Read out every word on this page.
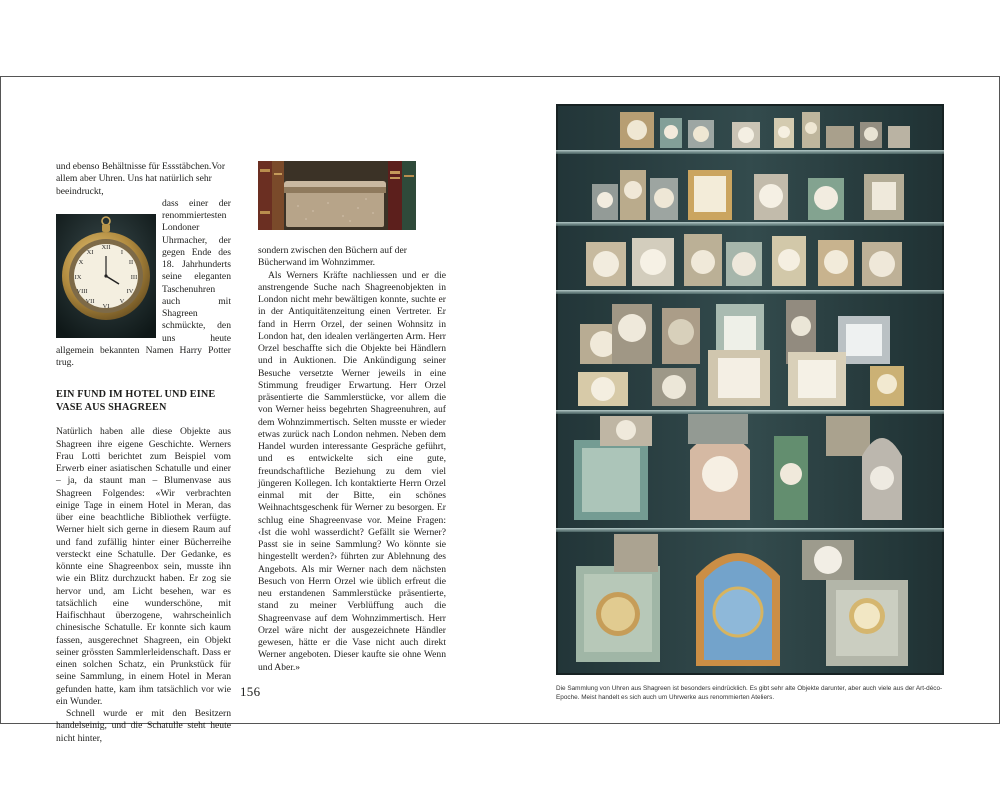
und ebenso Behältnisse für Essstäbchen.Vor allem aber Uhren. Uns hat natürlich sehr beeindruckt,

XII
I
II
III
IV
V
VI
VII
VIII
IX
X
XI

dass einer der renommiertesten Londoner Uhrmacher, der gegen Ende des 18. Jahrhunderts seine eleganten Taschenuhren auch mit Shagreen schmückte, den uns heute allgemein bekannten Namen Harry Potter trug.

EIN FUND IM HOTEL UND EINE VASE AUS SHAGREEN

Natürlich haben alle diese Objekte aus Shagreen ihre eigene Geschichte. Werners Frau Lotti berichtet zum Beispiel vom Erwerb einer asiatischen Schatulle und einer – ja, da staunt man – Blumenvase aus Shagreen Folgendes: «Wir verbrachten einige Tage in einem Hotel in Meran, das über eine beachtliche Bibliothek verfügte. Werner hielt sich gerne in diesem Raum auf und fand zufällig hinter einer Bücherreihe versteckt eine Schatulle. Der Gedanke, es könnte eine Shagreenbox sein, musste ihn wie ein Blitz durchzuckt haben. Er zog sie hervor und, am Licht besehen, war es tatsächlich eine wunderschöne, mit Haifischhaut überzogene, wahrscheinlich chinesische Schatulle. Er konnte sich kaum fassen, ausgerechnet Shagreen, ein Objekt seiner grössten Sammlerleidenschaft. Dass er einen solchen Schatz, ein Prunkstück für seine Sammlung, in einem Hotel in Meran gefunden hatte, kam ihm tatsächlich vor wie ein Wunder.

Schnell wurde er mit den Besitzern handelseinig, und die Schatulle steht heute nicht hinter,

sondern zwischen den Büchern auf der Bücherwand im Wohnzimmer.

Als Werners Kräfte nachliessen und er die anstrengende Suche nach Shagreenobjekten in London nicht mehr bewältigen konnte, suchte er in der Antiquitätenzeitung einen Vertreter. Er fand in Herrn Orzel, der seinen Wohnsitz in London hat, den idealen verlängerten Arm. Herr Orzel beschaffte sich die Objekte bei Händlern und in Auktionen. Die Ankündigung seiner Besuche versetzte Werner jeweils in eine Stimmung freudiger Erwartung. Herr Orzel präsentierte die Sammlerstücke, vor allem die von Werner heiss begehrten Shagreenuhren, auf dem Wohnzimmertisch. Selten musste er wieder etwas zurück nach London nehmen. Neben dem Handel wurden interessante Gespräche geführt, und es entwickelte sich eine gute, freundschaftliche Beziehung zu dem viel jüngeren Kollegen. Ich kontaktierte Herrn Orzel einmal mit der Bitte, ein schönes Weihnachtsgeschenk für Werner zu besorgen. Er schlug eine Shagreenvase vor. Meine Fragen: ‹Ist die wohl wasserdicht? Gefällt sie Werner? Passt sie in seine Sammlung? Wo könnte sie hingestellt werden?› führten zur Ablehnung des Angebots. Als mir Werner nach dem nächsten Besuch von Herrn Orzel wie üblich erfreut die neu erstandenen Sammlerstücke präsentierte, stand zu meiner Verblüffung auch die Shagreenvase auf dem Wohnzimmertisch. Herr Orzel wäre nicht der ausgezeichnete Händler gewesen, hätte er die Vase nicht auch direkt Werner angeboten. Dieser kaufte sie ohne Wenn und Aber.»

156	Die Sammlung von Uhren aus Shagreen ist besonders eindrücklich. Es gibt sehr alte Objekte darunter, aber auch viele aus der Art-déco-Epoche. Meist handelt es sich auch um Uhrwerke aus renommierten Ateliers.
